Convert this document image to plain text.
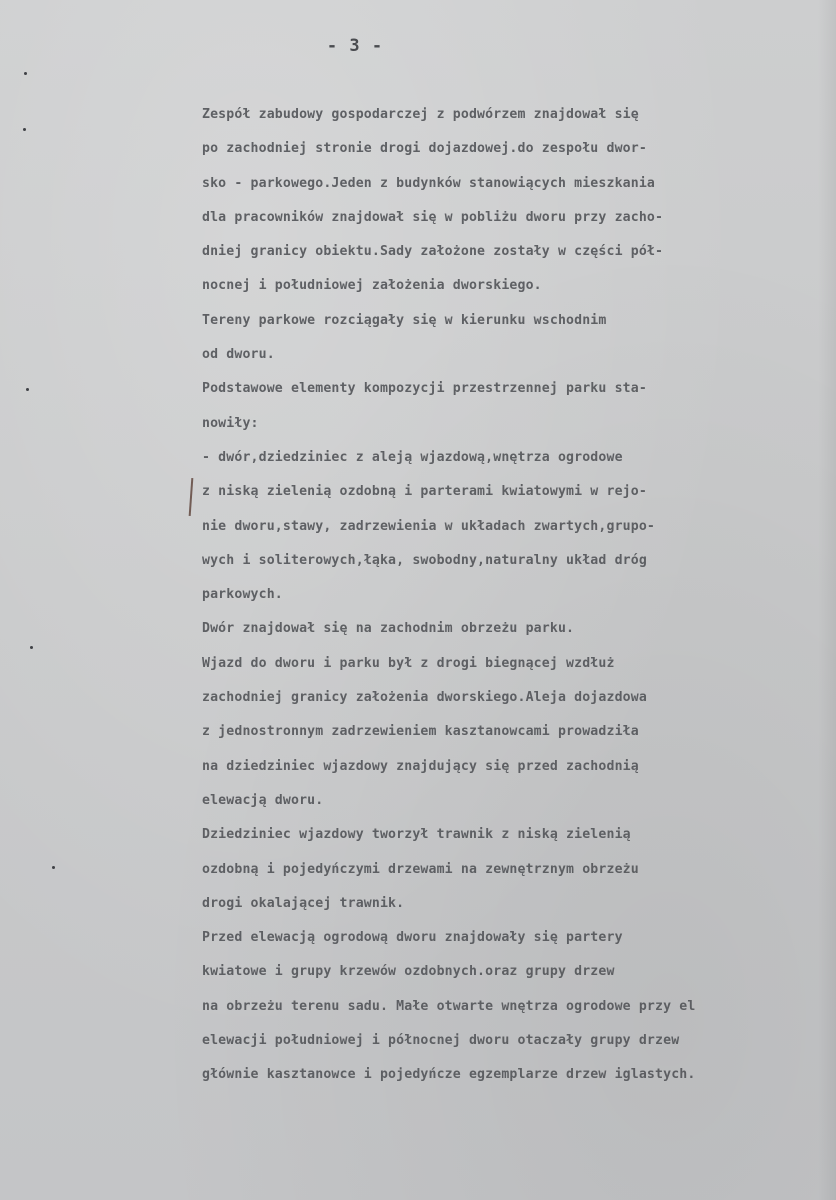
- 3 -
Zespół zabudowy gospodarczej z podwórzem znajdował się
po zachodniej stronie drogi dojazdowej.do zespołu dwor-
sko - parkowego.Jeden z budynków stanowiących mieszkania
dla pracowników znajdował się w pobliżu dworu przy zacho-
dniej granicy obiektu.Sady założone zostały w części pół-
nocnej i południowej założenia dworskiego.
Tereny parkowe rozciągały się w kierunku wschodnim
od dworu.
Podstawowe elementy kompozycji przestrzennej parku sta-
nowiły:
- dwór,dziedziniec z aleją wjazdową,wnętrza ogrodowe
z niską zielenią ozdobną i parterami kwiatowymi w rejo-
nie dworu,stawy, zadrzewienia w układach zwartych,grupo-
wych i soliterowych,łąka, swobodny,naturalny układ dróg
parkowych.
Dwór znajdował się na zachodnim obrzeżu parku.
Wjazd do dworu i parku był z drogi biegnącej wzdłuż
zachodniej granicy założenia dworskiego.Aleja dojazdowa
z jednostronnym zadrzewieniem kasztanowcami prowadziła
na dziedziniec wjazdowy znajdujący się przed zachodnią
elewacją dworu.
Dziedziniec wjazdowy tworzył trawnik z niską zielenią
ozdobną i pojedyńczymi drzewami na zewnętrznym obrzeżu
drogi okalającej trawnik.
Przed elewacją ogrodową dworu znajdowały się partery
kwiatowe i grupy krzewów ozdobnych.oraz grupy drzew
na obrzeżu terenu sadu. Małe otwarte wnętrza ogrodowe przy el
elewacji południowej i północnej dworu otaczały grupy drzew
głównie kasztanowce i pojedyńcze egzemplarze drzew iglastych.
